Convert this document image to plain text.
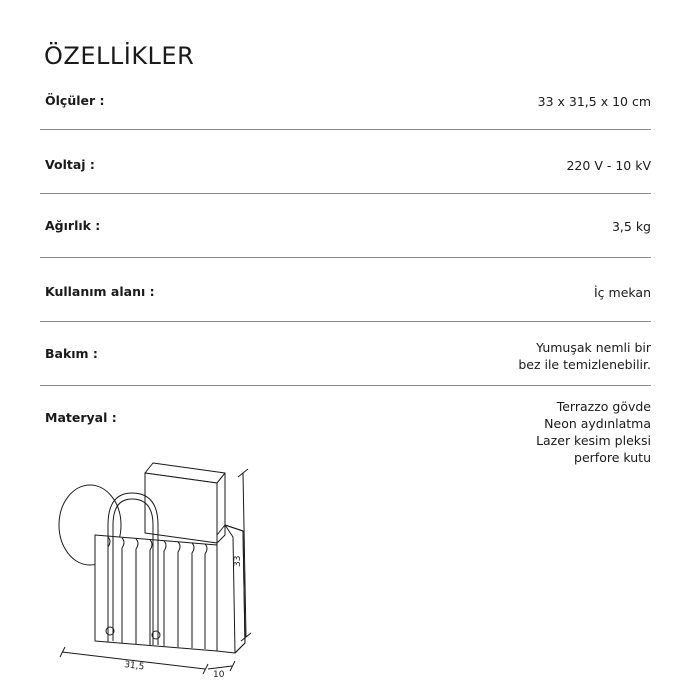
ÖZELLİKLER
Ölçüler :	33 x 31,5 x 10 cm
Voltaj :	220 V - 10 kV
Ağırlık :	3,5 kg
Kullanım alanı :	İç mekan
Bakım :	Yumuşak nemli bir
bez ile temizlenebilir.
Materyal :
Terrazzo gövde
Neon aydınlatma
Lazer kesim pleksi
perfore kutu
33
31,5
10
